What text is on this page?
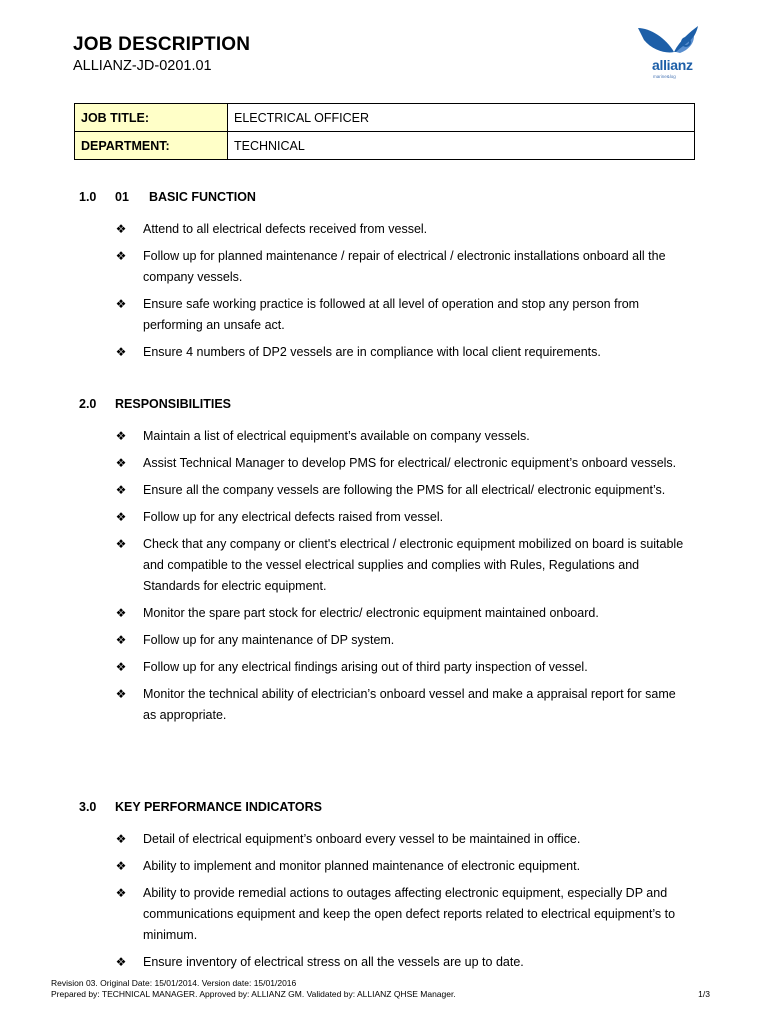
JOB DESCRIPTION
ALLIANZ-JD-0201.01	allianz
marine&log
JOB TITLE:	ELECTRICAL OFFICER
DEPARTMENT:	TECHNICAL
1.0 01 BASIC FUNCTION
❖ Attend to all electrical defects received from vessel.
❖ Follow up for planned maintenance / repair of electrical / electronic installations onboard all the company vessels.
❖ Ensure safe working practice is followed at all level of operation and stop any person from performing an unsafe act.
❖ Ensure 4 numbers of DP2 vessels are in compliance with local client requirements.
2.0 RESPONSIBILITIES
❖ Maintain a list of electrical equipment’s available on company vessels.
❖ Assist Technical Manager to develop PMS for electrical/ electronic equipment’s onboard vessels.
❖ Ensure all the company vessels are following the PMS for all electrical/ electronic equipment’s.
❖ Follow up for any electrical defects raised from vessel.
❖ Check that any company or client's electrical / electronic equipment mobilized on board is suitable and compatible to the vessel electrical supplies and complies with Rules, Regulations and Standards for electric equipment.
❖ Monitor the spare part stock for electric/ electronic equipment maintained onboard.
❖ Follow up for any maintenance of DP system.
❖ Follow up for any electrical findings arising out of third party inspection of vessel.
❖ Monitor the technical ability of electrician’s onboard vessel and make a appraisal report for same as appropriate.
3.0 KEY PERFORMANCE INDICATORS
❖ Detail of electrical equipment’s onboard every vessel to be maintained in office.
❖ Ability to implement and monitor planned maintenance of electronic equipment.
❖ Ability to provide remedial actions to outages affecting electronic equipment, especially DP and communications equipment and keep the open defect reports related to electrical equipment’s to minimum.
❖ Ensure inventory of electrical stress on all the vessels are up to date.
Revision 03. Original Date: 15/01/2014. Version date: 15/01/2016
Prepared by: TECHNICAL MANAGER. Approved by: ALLIANZ GM. Validated by: ALLIANZ QHSE Manager.	1/3
